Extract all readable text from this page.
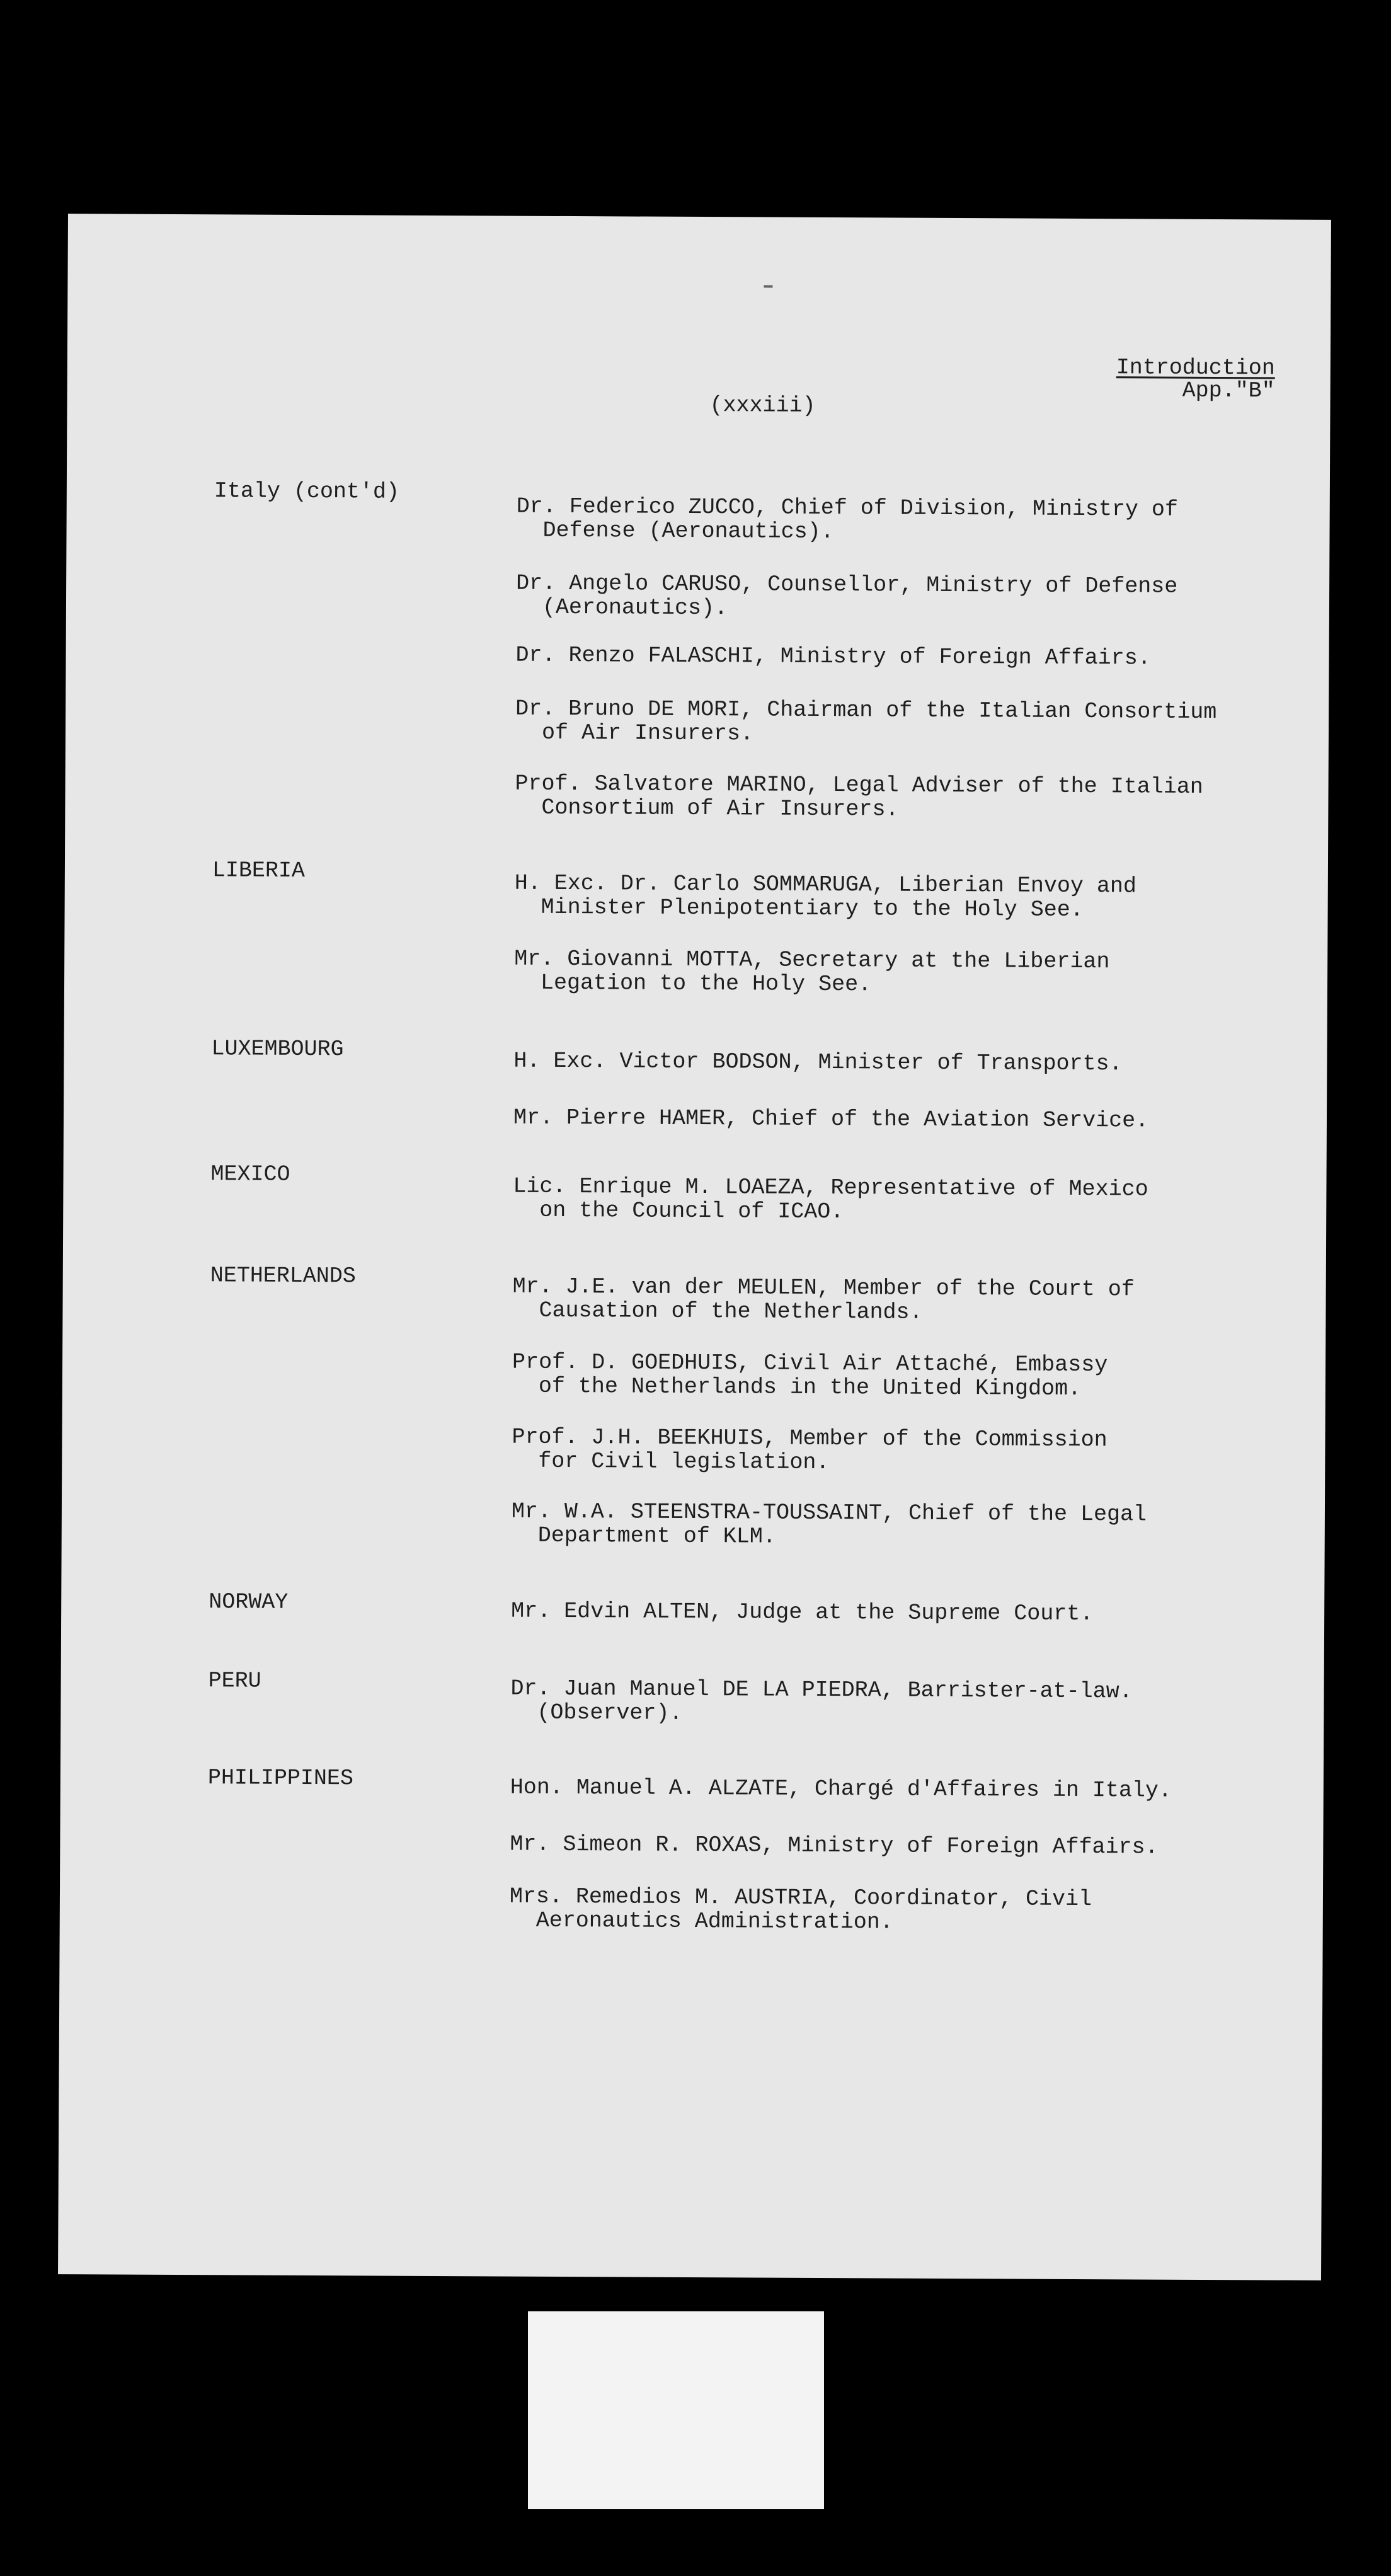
Introduction
App."B"
(xxxiii)
Italy (cont'd)
Dr. Federico ZUCCO, Chief of Division, Ministry of
Defense (Aeronautics).
Dr. Angelo CARUSO, Counsellor, Ministry of Defense
(Aeronautics).
Dr. Renzo FALASCHI, Ministry of Foreign Affairs.
Dr. Bruno DE MORI, Chairman of the Italian Consortium
of Air Insurers.
Prof. Salvatore MARINO, Legal Adviser of the Italian
Consortium of Air Insurers.
LIBERIA	H. Exc. Dr. Carlo SOMMARUGA, Liberian Envoy and
Minister Plenipotentiary to the Holy See.
Mr. Giovanni MOTTA, Secretary at the Liberian
Legation to the Holy See.
LUXEMBOURG	H. Exc. Victor BODSON, Minister of Transports.
Mr. Pierre HAMER, Chief of the Aviation Service.
MEXICO	Lic. Enrique M. LOAEZA, Representative of Mexico
on the Council of ICAO.
NETHERLANDS	Mr. J.E. van der MEULEN, Member of the Court of
Causation of the Netherlands.
Prof. D. GOEDHUIS, Civil Air Attaché, Embassy
of the Netherlands in the United Kingdom.
Prof. J.H. BEEKHUIS, Member of the Commission
for Civil legislation.
Mr. W.A. STEENSTRA-TOUSSAINT, Chief of the Legal
Department of KLM.
NORWAY	Mr. Edvin ALTEN, Judge at the Supreme Court.
PERU	Dr. Juan Manuel DE LA PIEDRA, Barrister-at-law.
(Observer).
PHILIPPINES	Hon. Manuel A. ALZATE, Chargé d'Affaires in Italy.
Mr. Simeon R. ROXAS, Ministry of Foreign Affairs.
Mrs. Remedios M. AUSTRIA, Coordinator, Civil
Aeronautics Administration.
